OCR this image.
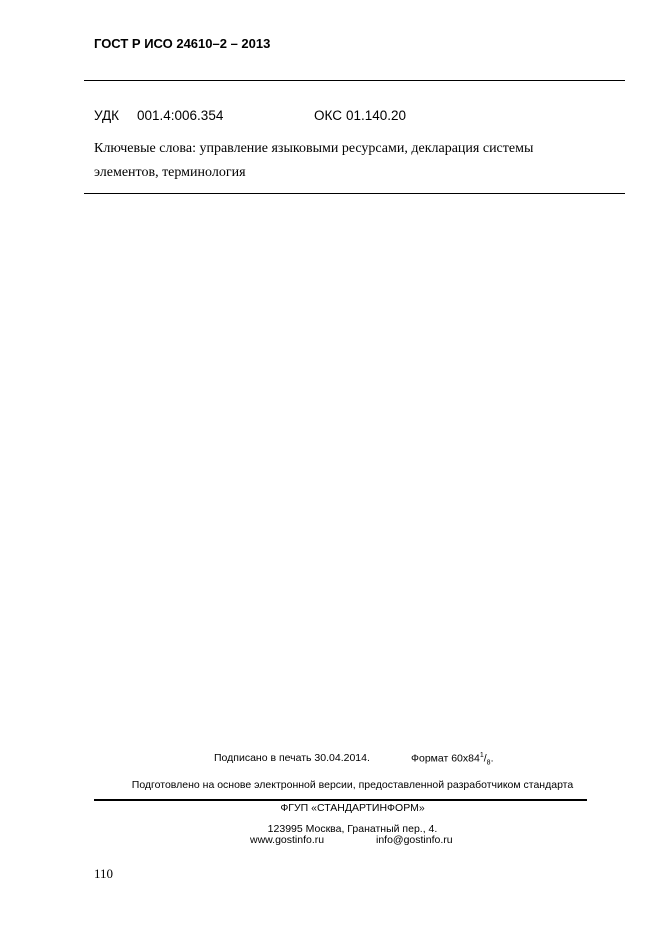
ГОСТ Р ИСО 24610–2 – 2013
УДК 001.4:006.354	ОКС 01.140.20
Ключевые слова: управление языковыми ресурсами, декларация системы
элементов, терминология
Подписано в печать 30.04.2014.	Формат $60х84^1/_8$.
Подготовлено на основе электронной версии, предоставленной разработчиком стандарта
ФГУП «СТАНДАРТИНФОРМ»
123995 Москва, Гранатный пер., 4.
www.gostinfo.ru	info@gostinfo.ru
110
